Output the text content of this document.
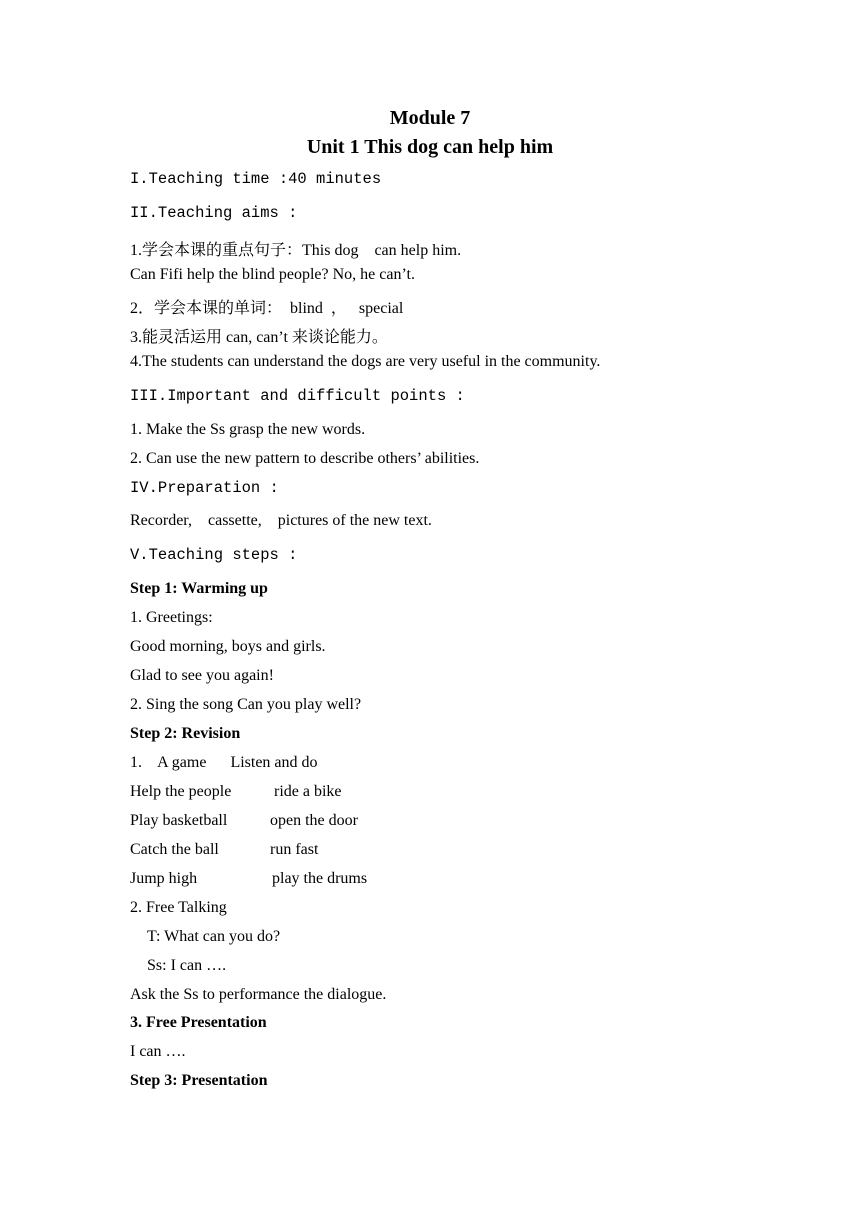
Module 7
Unit 1 This dog can help him
I.Teaching time :40 minutes
II.Teaching aims :
1.学会本课的重点句子：This dog    can help him.
Can Fifi help the blind people? No, he can’t.
2．学会本课的单词：  blind  ，   special
3.能灵活运用 can, can’t 来谈论能力。
4.The students can understand the dogs are very useful in the community.
III.Important and difficult points :
1. Make the Ss grasp the new words.
2. Can use the new pattern to describe others’ abilities.
IV.Preparation :
Recorder,    cassette,    pictures of the new text.
V.Teaching steps :
Step 1: Warming up
1. Greetings:
Good morning, boys and girls.
Glad to see you again!
2. Sing the song Can you play well?
Step 2: Revision
1.    A game      Listen and do
Help the people	ride a bike
Play basketball	open the door
Catch the ball	run fast
Jump high	play the drums
2. Free Talking
T: What can you do?
Ss: I can ….
Ask the Ss to performance the dialogue.
3. Free Presentation
I can ….
Step 3: Presentation
